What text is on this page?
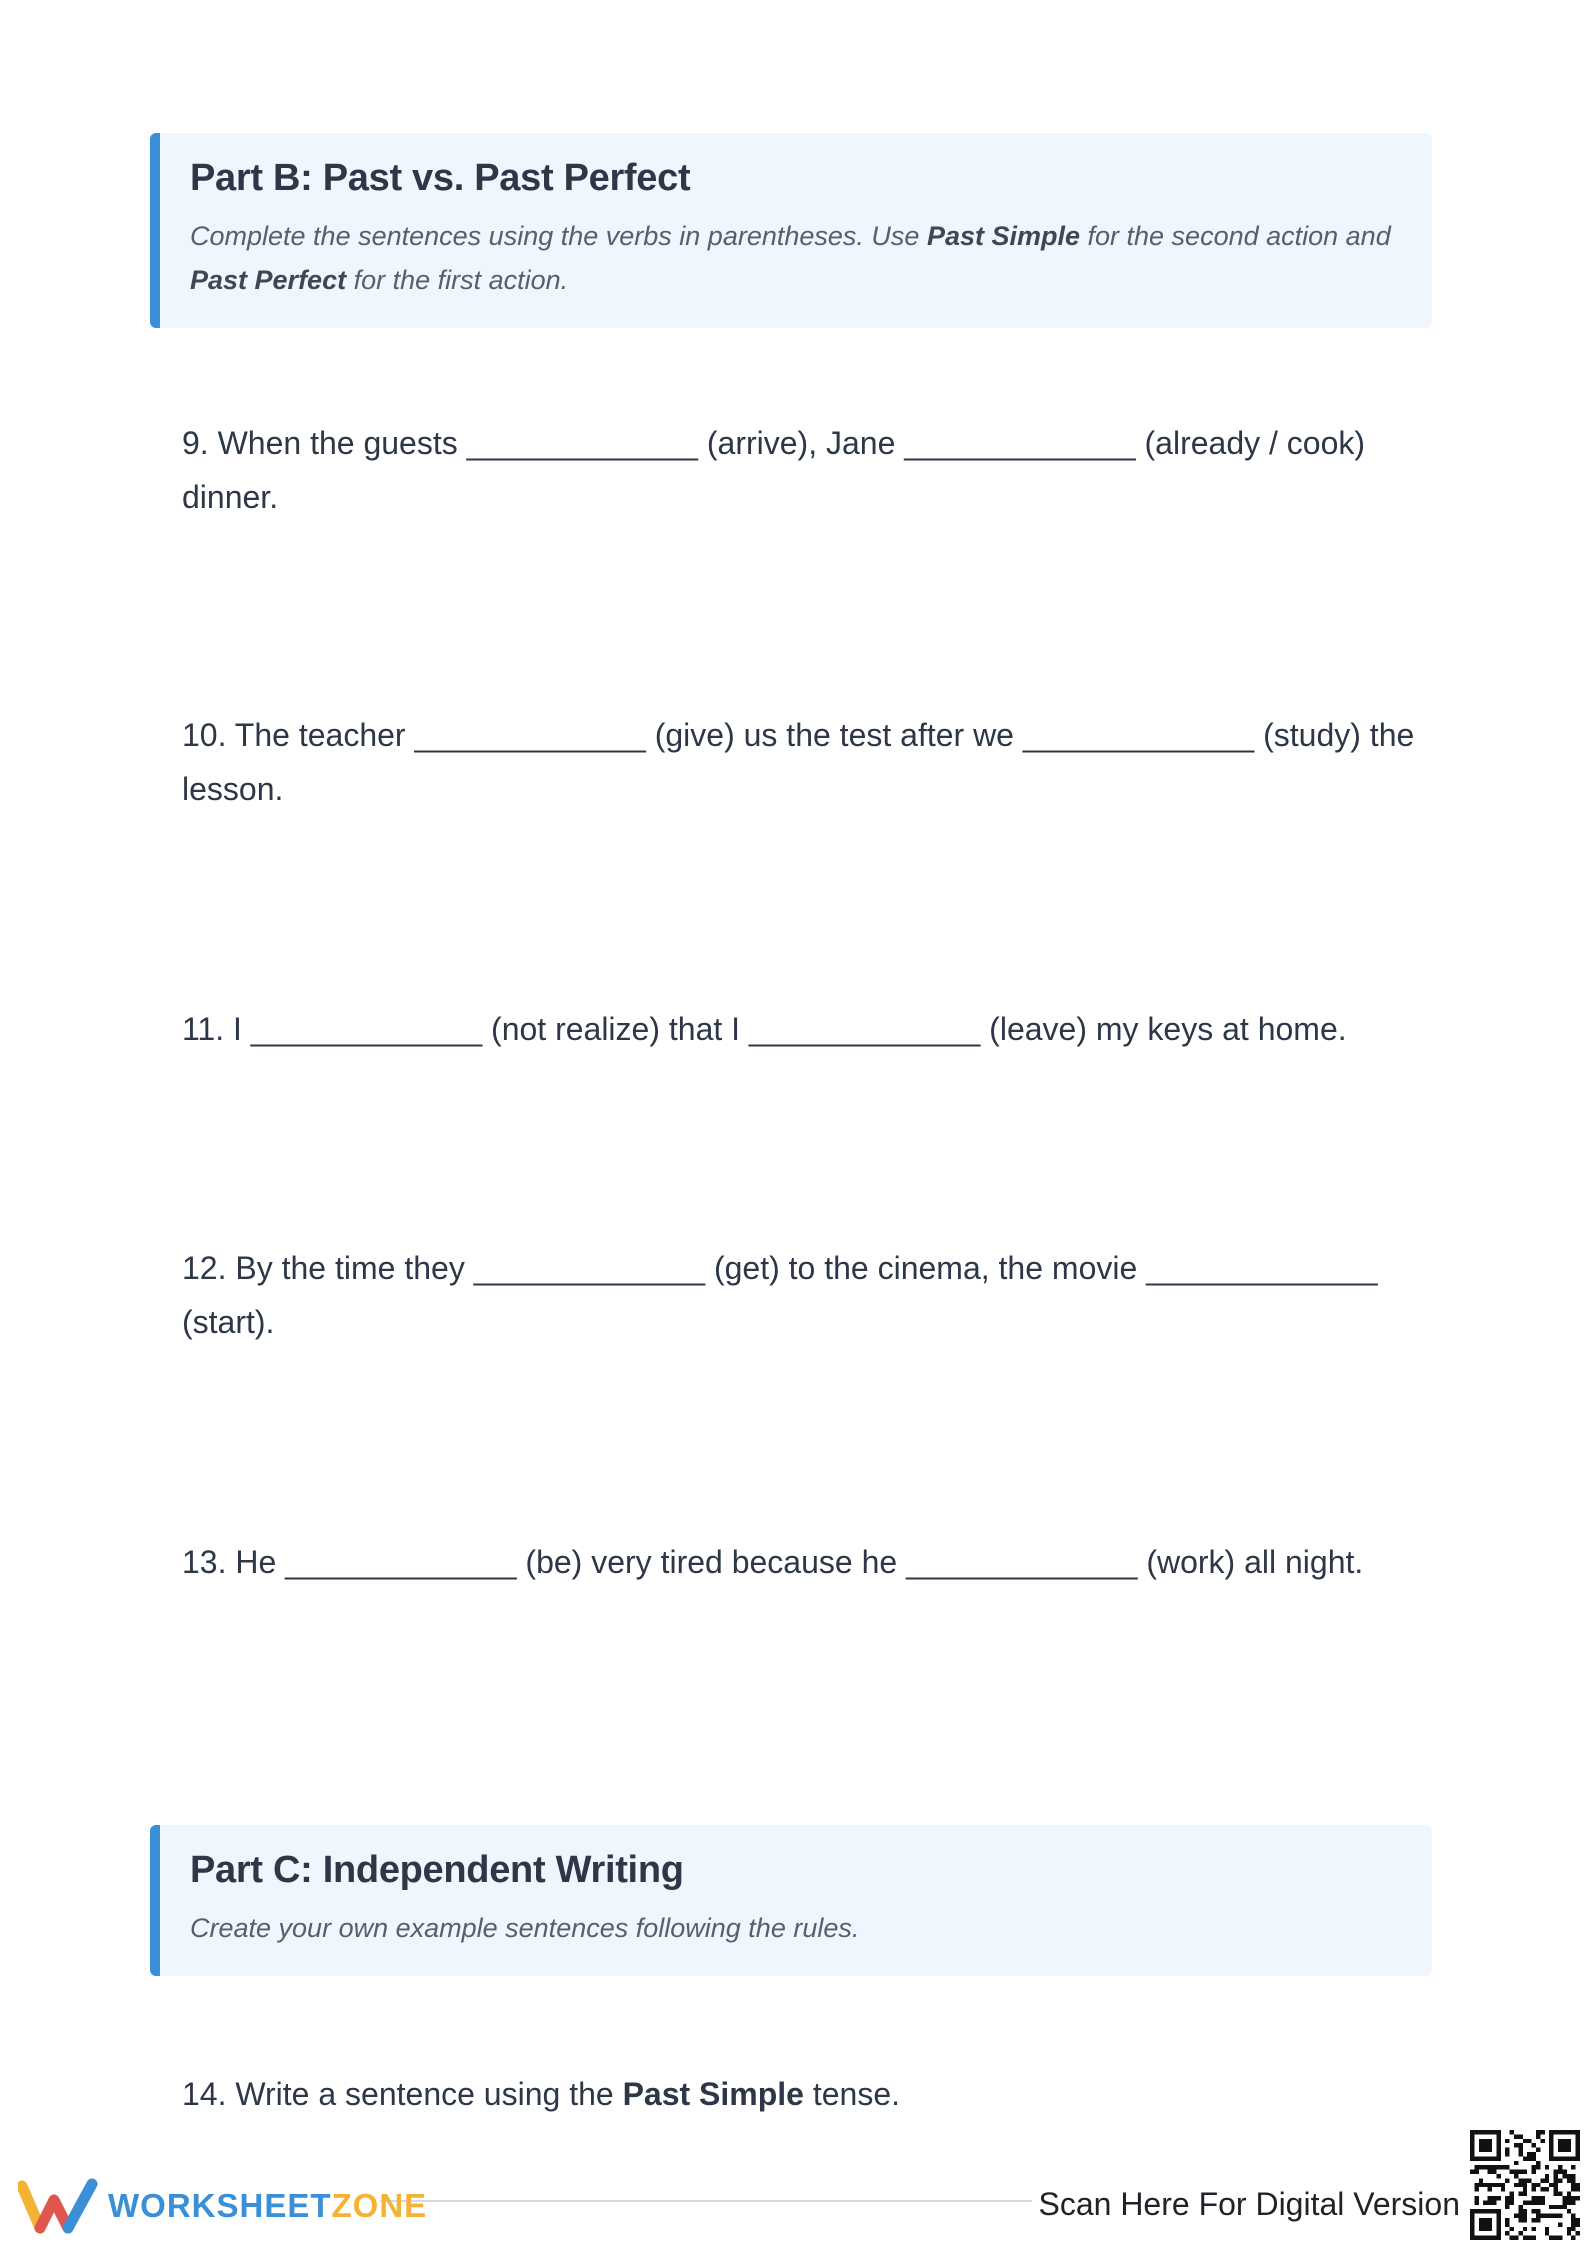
Part B: Past vs. Past Perfect

Complete the sentences using the verbs in parentheses. Use Past Simple for the second action and Past Perfect for the first action.

9. When the guests _____________ (arrive), Jane _____________ (already / cook) dinner.

10. The teacher _____________ (give) us the test after we _____________ (study) the lesson.

11. I _____________ (not realize) that I _____________ (leave) my keys at home.

12. By the time they _____________ (get) to the cinema, the movie _____________ (start).

13. He _____________ (be) very tired because he _____________ (work) all night.

Part C: Independent Writing

Create your own example sentences following the rules.

14. Write a sentence using the Past Simple tense.

WORKSHEETZONE	Scan Here For Digital Version
